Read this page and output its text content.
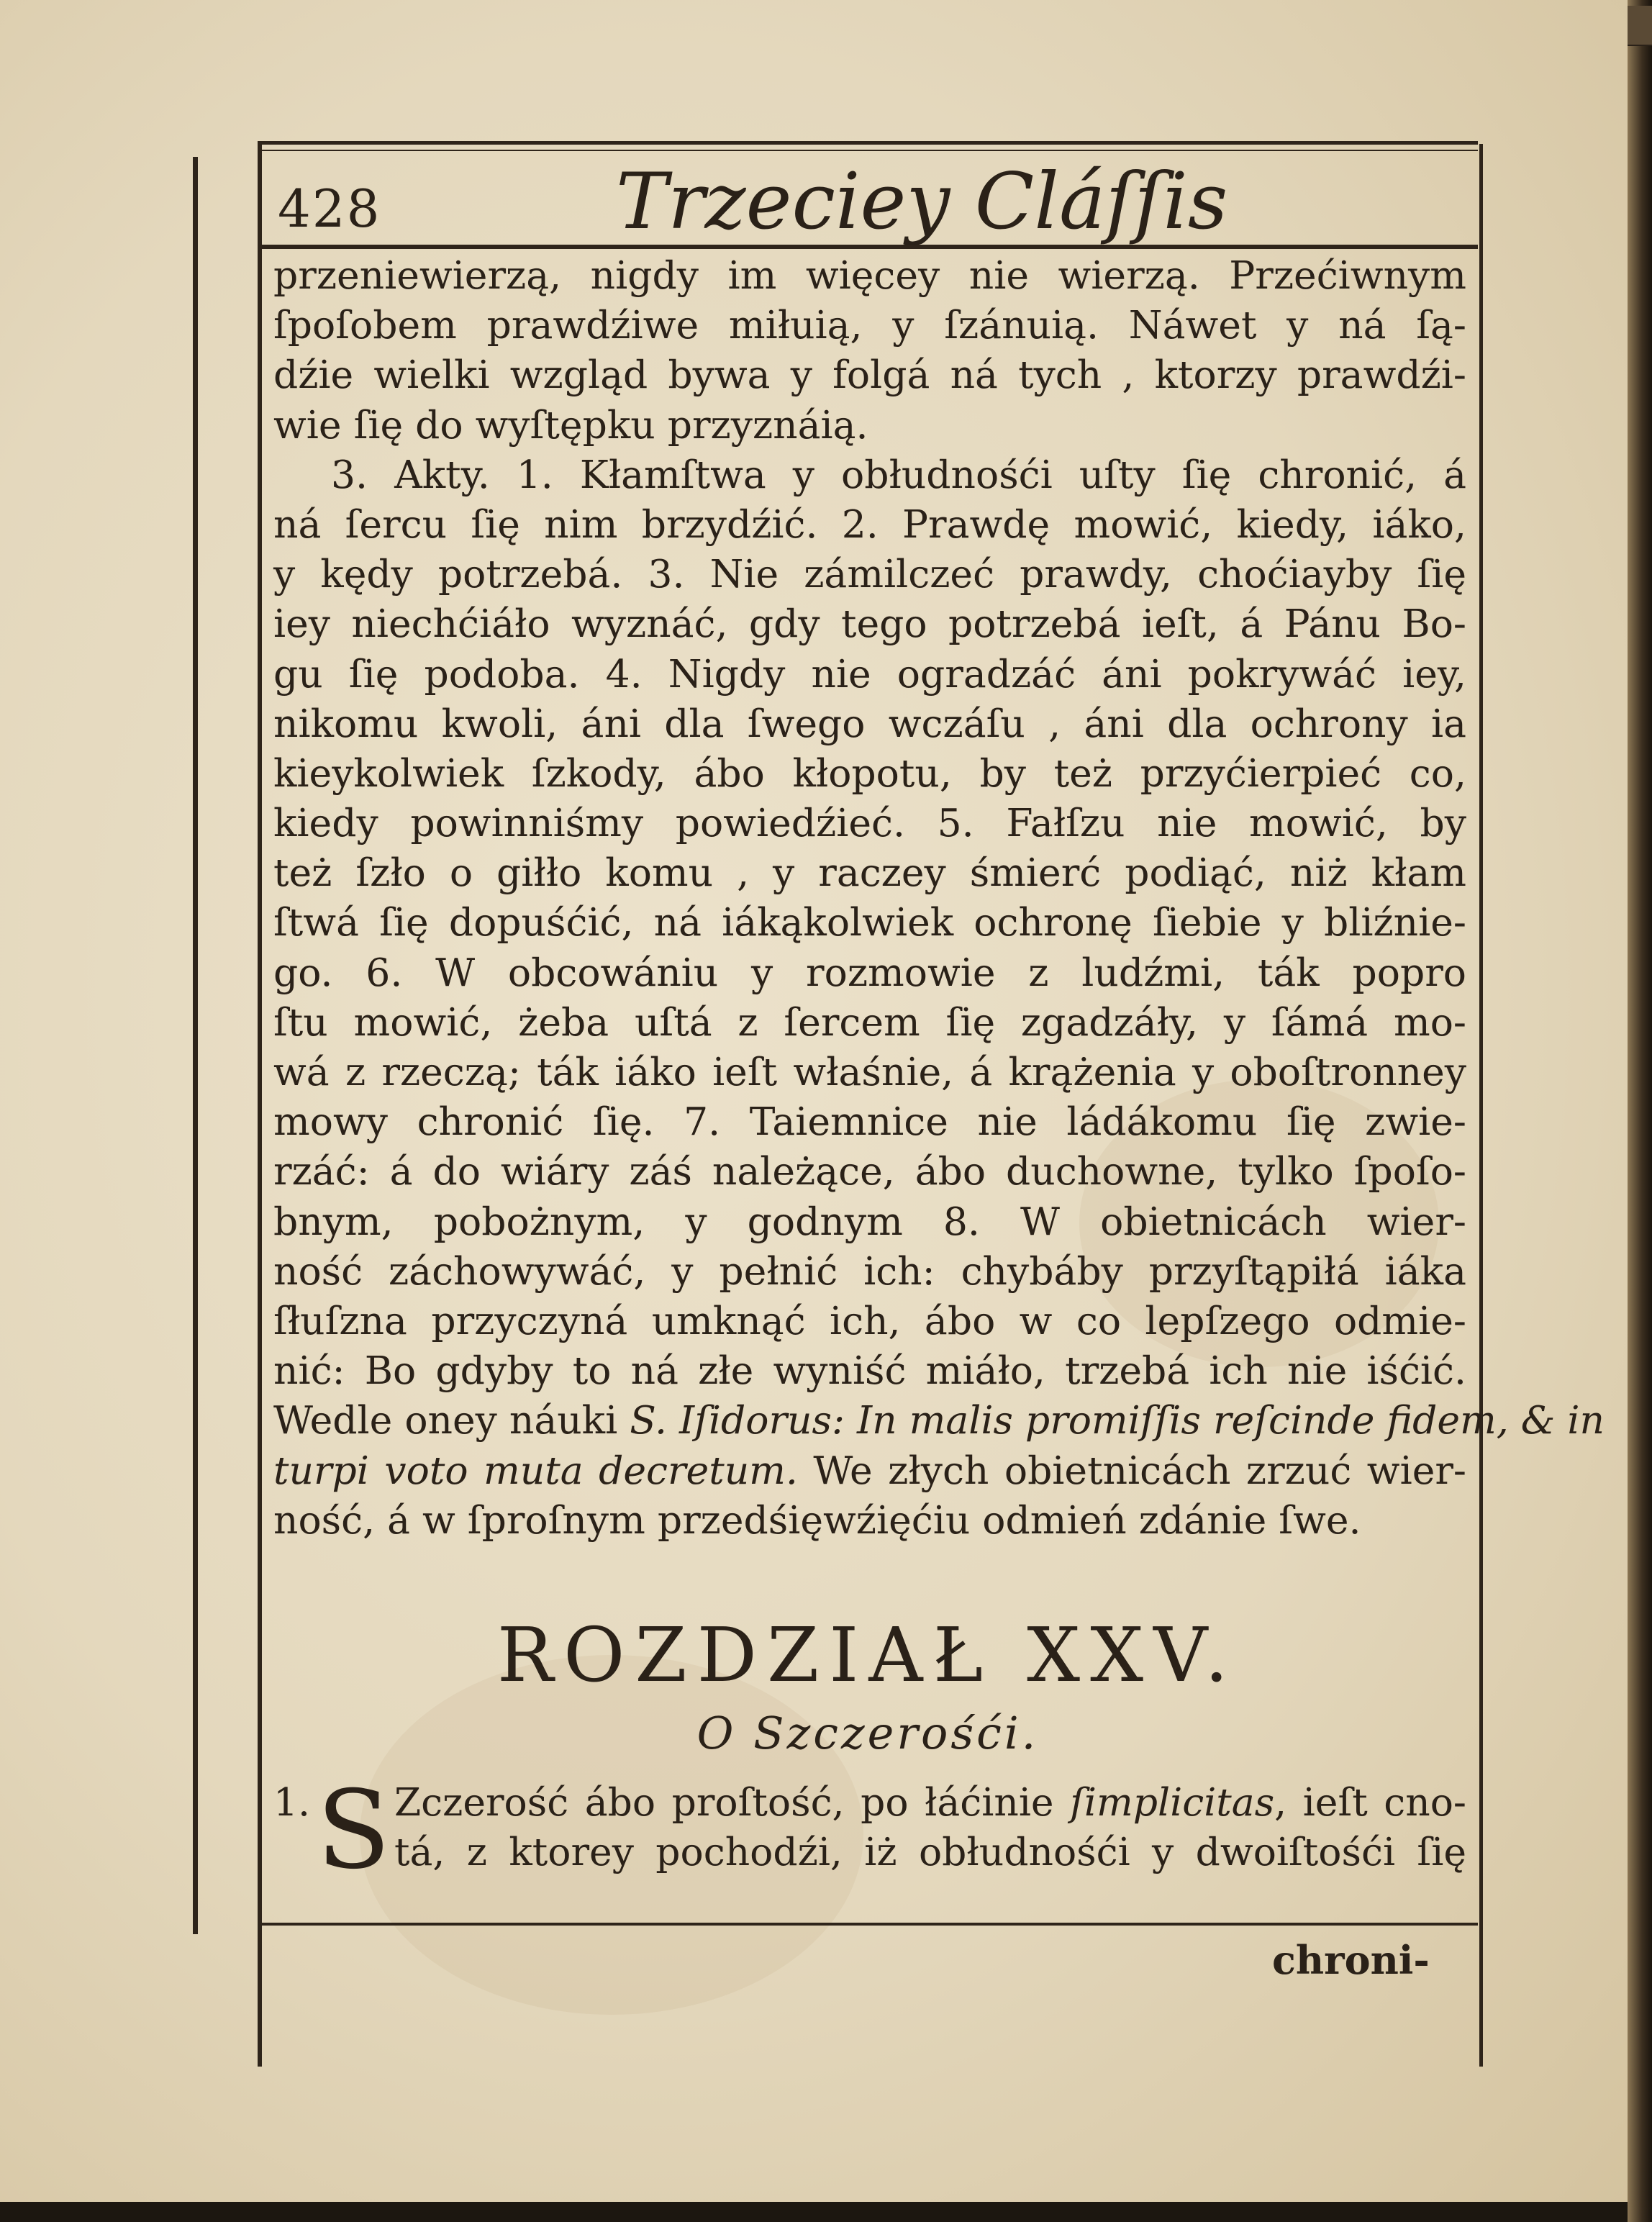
428	Trzeciey Cláſſis
przeniewierzą, nigdy im więcey nie wierzą. Przećiwnym
ſpoſobem prawdźiwe miłuią, y ſzánuią. Náwet y ná ſą-
dźie wielki wzgląd bywa y folgá ná tych , ktorzy prawdźi-
wie ſię do wyſtępku przyznáią.
3. Akty. 1. Kłamſtwa y obłudnośći uſty ſię chronić, á
ná ſercu ſię nim brzydźić. 2. Prawdę mowić, kiedy, iáko,
y kędy potrzebá. 3. Nie zámilczeć prawdy, choćiayby ſię
iey niechćiáło wyznáć, gdy tego potrzebá ieſt, á Pánu Bo-
gu ſię podoba. 4. Nigdy nie ogradzáć áni pokrywáć iey,
nikomu kwoli, áni dla ſwego wczáſu , áni dla ochrony ia
kieykolwiek ſzkody, ábo kłopotu, by też przyćierpieć co,
kiedy powinniśmy powiedźieć. 5. Fałſzu nie mowić, by
też ſzło o giłło komu , y raczey śmierć podiąć, niż kłam
ſtwá ſię dopuśćić, ná iákąkolwiek ochronę ſiebie y bliźnie-
go. 6. W obcowániu y rozmowie z ludźmi, ták popro
ſtu mowić, żeba uſtá z ſercem ſię zgadzáły, y ſámá mo-
wá z rzeczą; ták iáko ieſt właśnie, á krążenia y oboſtronney
mowy chronić ſię. 7. Taiemnice nie ládákomu ſię zwie-
rzáć: á do wiáry záś należące, ábo duchowne, tylko ſpoſo-
bnym, pobożnym, y godnym 8. W obietnicách wier-
ność záchowywáć, y pełnić ich: chybáby przyſtąpiłá iáka
ſłuſzna przyczyná umknąć ich, ábo w co lepſzego odmie-
nić: Bo gdyby to ná złe wyniść miáło, trzebá ich nie iśćić.
Wedle oney náuki S. Iſidorus: In malis promiſſis reſcinde fidem, & in
turpi voto muta decretum. We złych obietnicách zrzuć wier-
ność, á w ſproſnym przedśięwźięćiu odmień zdánie ſwe.
ROZDZIAŁ XXV.
O Szczerośći.
1. S Zczerość ábo proſtość, po łáćinie ſimplicitas, ieſt cno-
tá, z ktorey pochodźi, iż obłudnośći y dwoiſtośći ſię
chroni-
